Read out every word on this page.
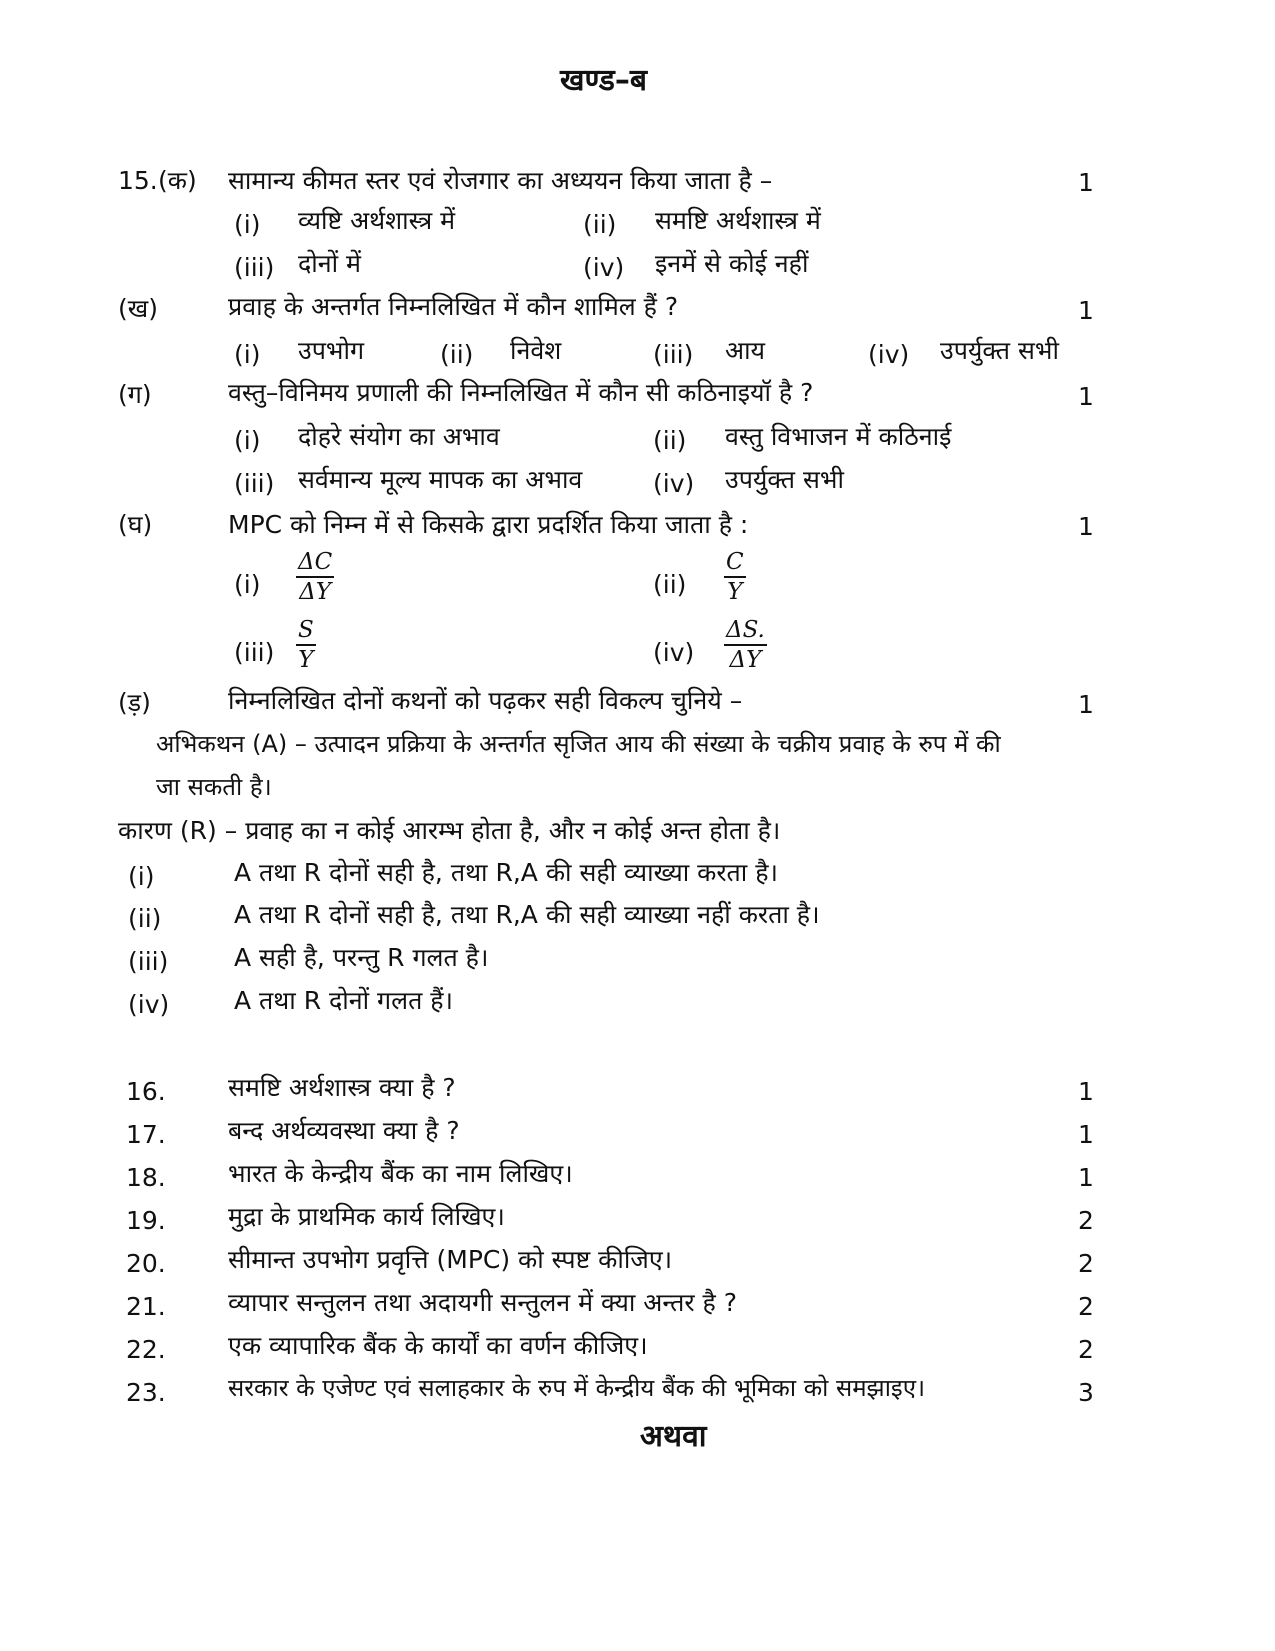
खण्ड–ब
15. (क) सामान्य कीमत स्तर एवं रोजगार का अध्ययन किया जाता है –	1
(i) व्यष्टि अर्थशास्त्र में	(ii) समष्टि अर्थशास्त्र में
(iii) दोनों में	(iv) इनमें से कोई नहीं
(ख)	प्रवाह के अन्तर्गत निम्नलिखित में कौन शामिल हैं ?	1
(i) उपभोग	(ii) निवेश	(iii) आय	(iv) उपर्युक्त सभी
(ग)	वस्तु–विनिमय प्रणाली की निम्नलिखित में कौन सी कठिनाइयॉ है ?	1
(i) दोहरे संयोग का अभाव	(ii) वस्तु विभाजन में कठिनाई
(iii) सर्वमान्य मूल्य मापक का अभाव	(iv) उपर्युक्त सभी
(घ)	MPC को निम्न में से किसके द्वारा प्रदर्शित किया जाता है :	1
$(i) \frac{\Delta C}{\Delta Y}$	$(ii) \frac{C}{Y}$
$(iii) \frac{S}{Y}$	$(iv) \frac{\Delta S.}{\Delta Y}$
(ड़)	निम्नलिखित दोनों कथनों को पढ़कर सही विकल्प चुनिये –	1
अभिकथन (A) – उत्पादन प्रक्रिया के अन्तर्गत सृजित आय की संख्या के चक्रीय प्रवाह के रुप में की
जा सकती है।
कारण (R) – प्रवाह का न कोई आरम्भ होता है, और न कोई अन्त होता है।
(i)	A तथा R दोनों सही है, तथा R,A की सही व्याख्या करता है।
(ii)	A तथा R दोनों सही है, तथा R,A की सही व्याख्या नहीं करता है।
(iii)	A सही है, परन्तु R गलत है।
(iv)	A तथा R दोनों गलत हैं।
16. समष्टि अर्थशास्त्र क्या है ?	1
17. बन्द अर्थव्यवस्था क्या है ?	1
18. भारत के केन्द्रीय बैंक का नाम लिखिए।	1
19. मुद्रा के प्राथमिक कार्य लिखिए।	2
20. सीमान्त उपभोग प्रवृत्ति (MPC) को स्पष्ट कीजिए।	2
21. व्यापार सन्तुलन तथा अदायगी सन्तुलन में क्या अन्तर है ?	2
22. एक व्यापारिक बैंक के कार्यों का वर्णन कीजिए।	2
23.	सरकार के एजेण्ट एवं सलाहकार के रुप में केन्द्रीय बैंक की भूमिका को समझाइए।	3
अथवा
